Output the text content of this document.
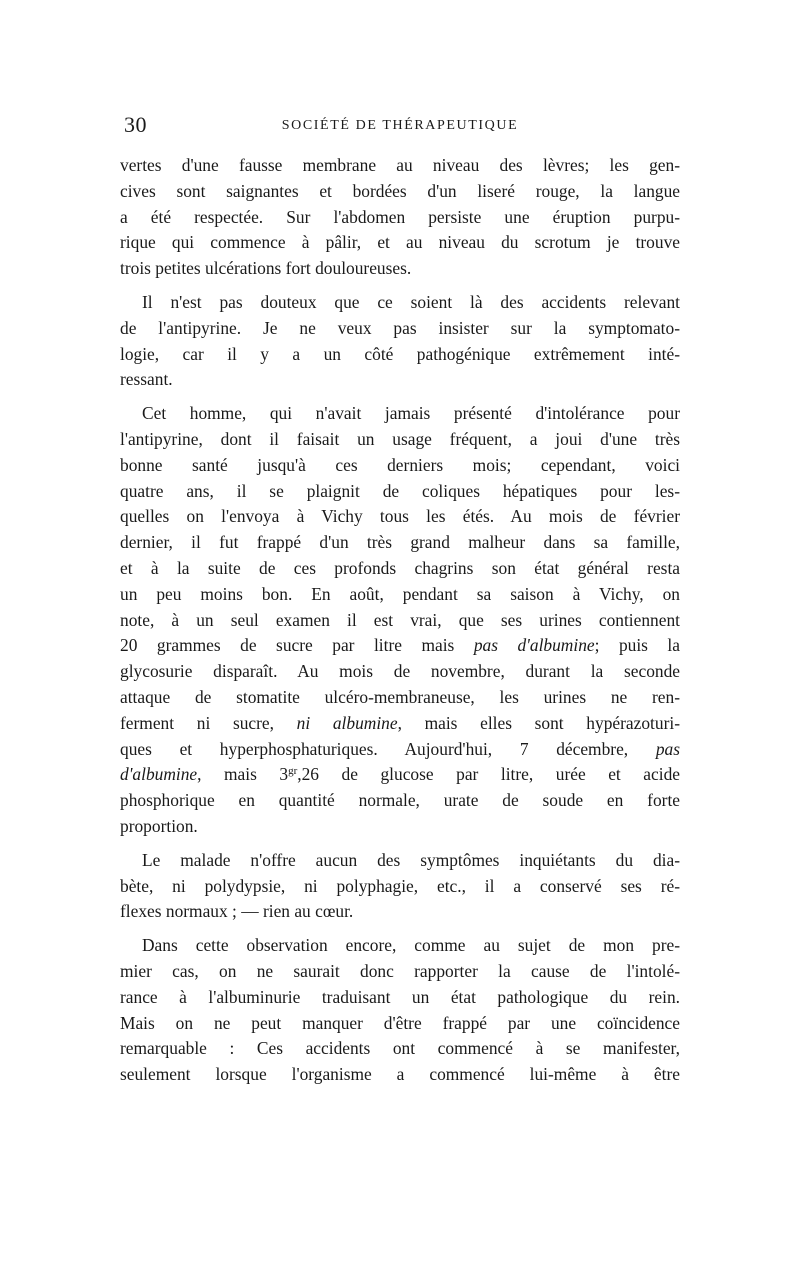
30	SOCIÉTÉ DE THÉRAPEUTIQUE

vertes d'une fausse membrane au niveau des lèvres; les gen-
cives sont saignantes et bordées d'un liseré rouge, la langue
a été respectée. Sur l'abdomen persiste une éruption purpu-
rique qui commence à pâlir, et au niveau du scrotum je trouve
trois petites ulcérations fort douloureuses.

Il n'est pas douteux que ce soient là des accidents relevant
de l'antipyrine. Je ne veux pas insister sur la symptomato-
logie, car il y a un côté pathogénique extrêmement inté-
ressant.

Cet homme, qui n'avait jamais présenté d'intolérance pour
l'antipyrine, dont il faisait un usage fréquent, a joui d'une très
bonne santé jusqu'à ces derniers mois; cependant, voici
quatre ans, il se plaignit de coliques hépatiques pour les-
quelles on l'envoya à Vichy tous les étés. Au mois de février
dernier, il fut frappé d'un très grand malheur dans sa famille,
et à la suite de ces profonds chagrins son état général resta
un peu moins bon. En août, pendant sa saison à Vichy, on
note, à un seul examen il est vrai, que ses urines contiennent
20 grammes de sucre par litre mais pas d'albumine; puis la
glycosurie disparaît. Au mois de novembre, durant la seconde
attaque de stomatite ulcéro-membraneuse, les urines ne ren-
ferment ni sucre, ni albumine, mais elles sont hypérazoturi-
ques et hyperphosphaturiques. Aujourd'hui, 7 décembre, pas
d'albumine, mais $3^{gr},26$ de glucose par litre, urée et acide
phosphorique en quantité normale, urate de soude en forte
proportion.

Le malade n'offre aucun des symptômes inquiétants du dia-
bète, ni polydypsie, ni polyphagie, etc., il a conservé ses ré-
flexes normaux ; — rien au cœur.

Dans cette observation encore, comme au sujet de mon pre-
mier cas, on ne saurait donc rapporter la cause de l'intolé-
rance à l'albuminurie traduisant un état pathologique du rein.
Mais on ne peut manquer d'être frappé par une coïncidence
remarquable : Ces accidents ont commencé à se manifester,
seulement lorsque l'organisme a commencé lui-même à être
